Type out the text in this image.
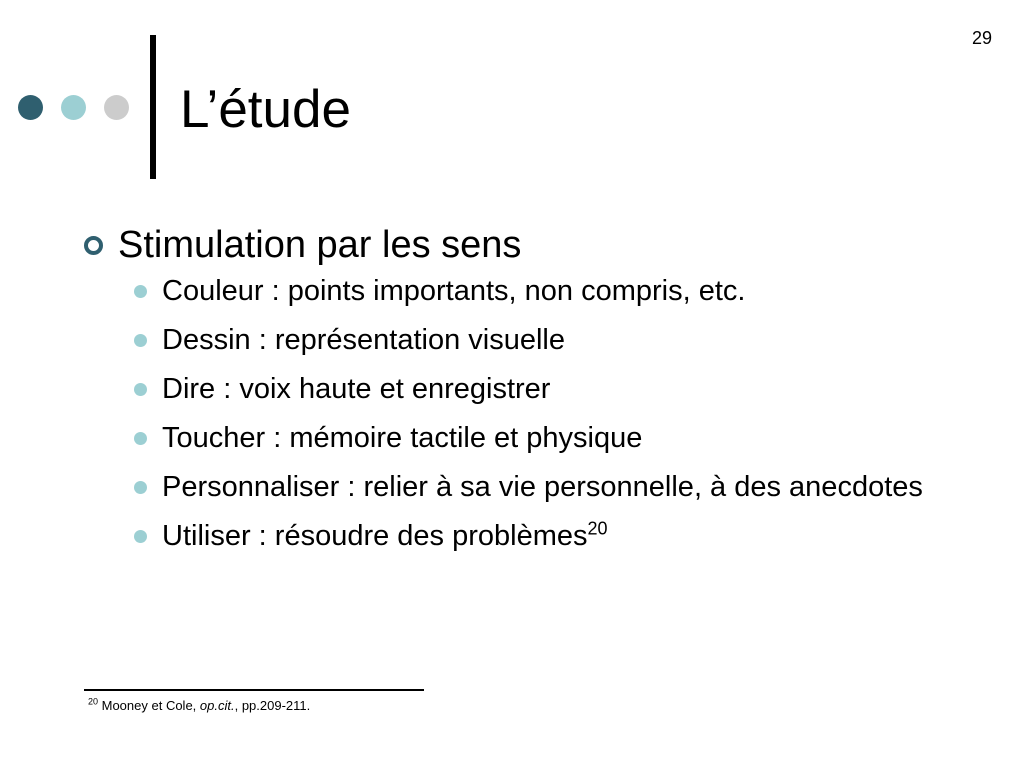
29
L’étude
Stimulation par les sens
Couleur : points importants, non compris, etc.
Dessin : représentation visuelle
Dire : voix haute et enregistrer
Toucher : mémoire tactile et physique
Personnaliser : relier à sa vie personnelle, à des anecdotes
Utiliser : résoudre des problèmes$^{20}$
$^{20}$ Mooney et Cole, op.cit., pp.209-211.
